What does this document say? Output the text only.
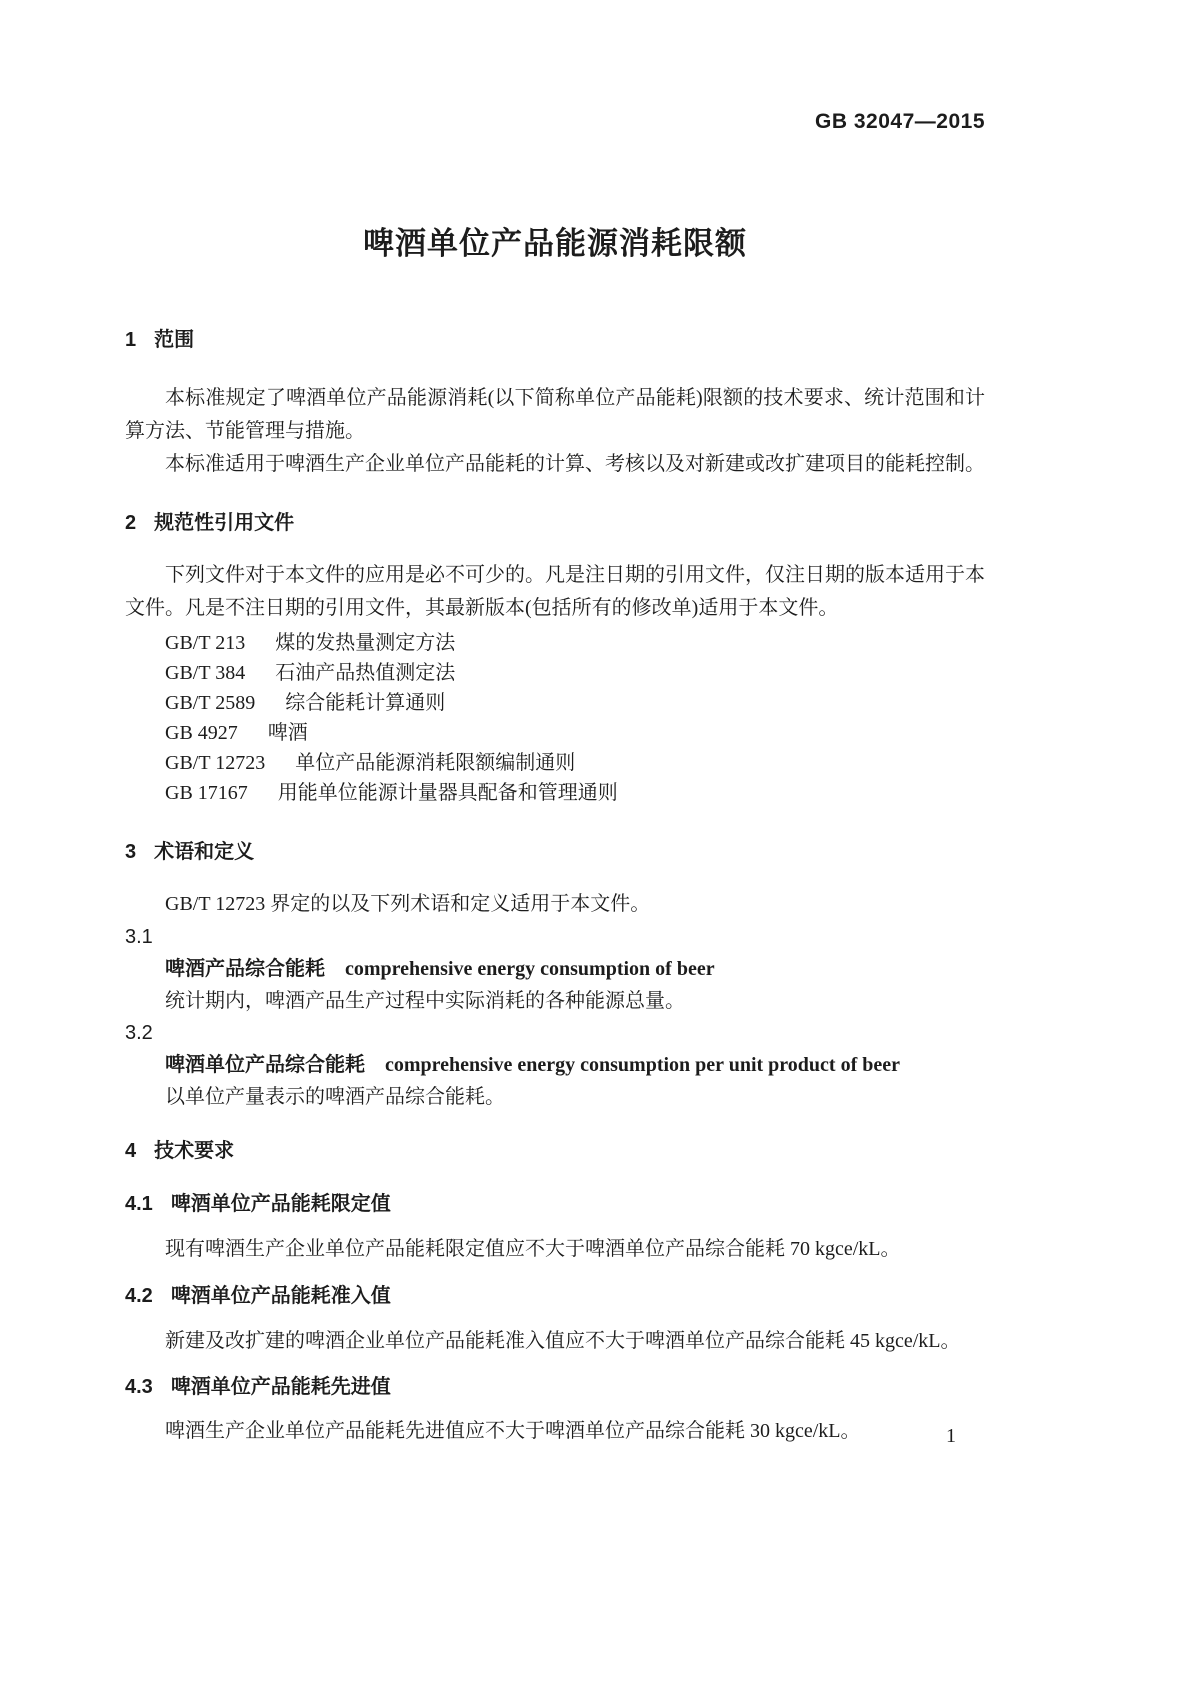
GB 32047—2015
啤酒单位产品能源消耗限额
1 范围

本标准规定了啤酒单位产品能源消耗(以下简称单位产品能耗)限额的技术要求、统计范围和计算方法、节能管理与措施。

本标准适用于啤酒生产企业单位产品能耗的计算、考核以及对新建或改扩建项目的能耗控制。

2 规范性引用文件

下列文件对于本文件的应用是必不可少的。凡是注日期的引用文件，仅注日期的版本适用于本文件。凡是不注日期的引用文件，其最新版本(包括所有的修改单)适用于本文件。

GB/T 213 煤的发热量测定方法
GB/T 384 石油产品热值测定法
GB/T 2589 综合能耗计算通则
GB 4927 啤酒
GB/T 12723 单位产品能源消耗限额编制通则
GB 17167 用能单位能源计量器具配备和管理通则
3 术语和定义

GB/T 12723 界定的以及下列术语和定义适用于本文件。

3.1
啤酒产品综合能耗 comprehensive energy consumption of beer
统计期内，啤酒产品生产过程中实际消耗的各种能源总量。
3.2
啤酒单位产品综合能耗 comprehensive energy consumption per unit product of beer
以单位产量表示的啤酒产品综合能耗。
4 技术要求
4.1 啤酒单位产品能耗限定值

现有啤酒生产企业单位产品能耗限定值应不大于啤酒单位产品综合能耗 70 kgce/kL。

4.2 啤酒单位产品能耗准入值

新建及改扩建的啤酒企业单位产品能耗准入值应不大于啤酒单位产品综合能耗 45 kgce/kL。

4.3 啤酒单位产品能耗先进值

啤酒生产企业单位产品能耗先进值应不大于啤酒单位产品综合能耗 30 kgce/kL。	1
